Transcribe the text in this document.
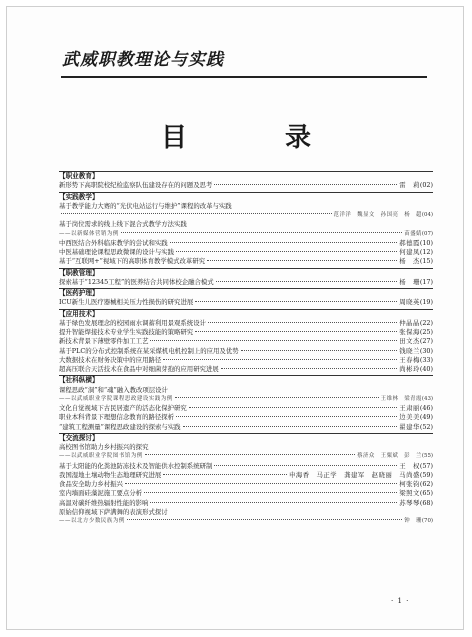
武威职教理论与实践
目　录
【职业教育】
新形势下高职院校纪检监察队伍建设存在的问题及思考	雷　莉 (02)
【实践教学】
基于教学能力大赛的“光伏电站运行与维护”课程的改革与实践
范洋洋　魏显文　孙国亮　杨　超 (04)
基于岗位需求的线上线下混合式教学方法实践
——以新媒体营销为例	苗盛婧 (07)
中西医结合外科临床教学的尝试和实践	郝德霞 (10)
中医基础理论课程思政微课的设计与实践	何建凤 (12)
基于“互联网+”视域下的高职体育教学模式改革研究	杨　杰 (15)
【职教管理】
探索基于“12345工程”的医养结合共同体校企融合模式	杨　珊 (17)
【医药护理】
ICU新生儿医疗器械相关压力性损伤的研究进展	周晓英 (19)
【应用技术】
基于绿色发展理念的校园雨水调蓄利用景观系统设计	仲晶晶 (22)
提升智能焊接技术专业学生实践技能的策略研究	张保海 (25)
新技术背景下薄壁零件加工工艺	田文杰 (27)
基于PLC的分布式控制系统在某采煤机电机控制上的应用及优势	钱晓兰 (30)
大数据技术在财务决策中的应用路径	王春梅 (33)
超高压联合天活技术在食品中对细菌芽孢的应用研究进展	尚彬玲 (40)
【社科纵横】
课程思政“洞”和“魂”融入教改项层设计
——以武威职业学院课程思政建设实践为例	王维林　梁青霞 (43)
文化自觉视域下古民居遗产的活态化保护研究	王肃丽 (46)
职业本科背景下理想信念教育的路径探析	边美美 (49)
“建筑工程测量”课程思政建设的探索与实践	翟建华 (52)
【交流探讨】
高校图书馆助力乡村振兴的探究
——以武威职业学院图书馆为例	蔡济众　王粟斌　彭　兰 (55)
基于太阳能的化粪池防冻技术及智能供水控制系统研制	王　权 (57)
我国湿地土壤动物生态地理研究进展	申海香　马正学　龚建军　赵晓丽　马尚盛 (59)
食品安全助力乡村振兴	柯张钧 (62)
室内墙面硅藻泥施工要点分析	梁照文 (65)
高温对碳纤维热辐射性能的影响	苏琴琴 (68)
原始信仰视域下萨满舞的表演形式探讨
——以北方少数民族为例	钟　珊 (70)
· 1 ·
